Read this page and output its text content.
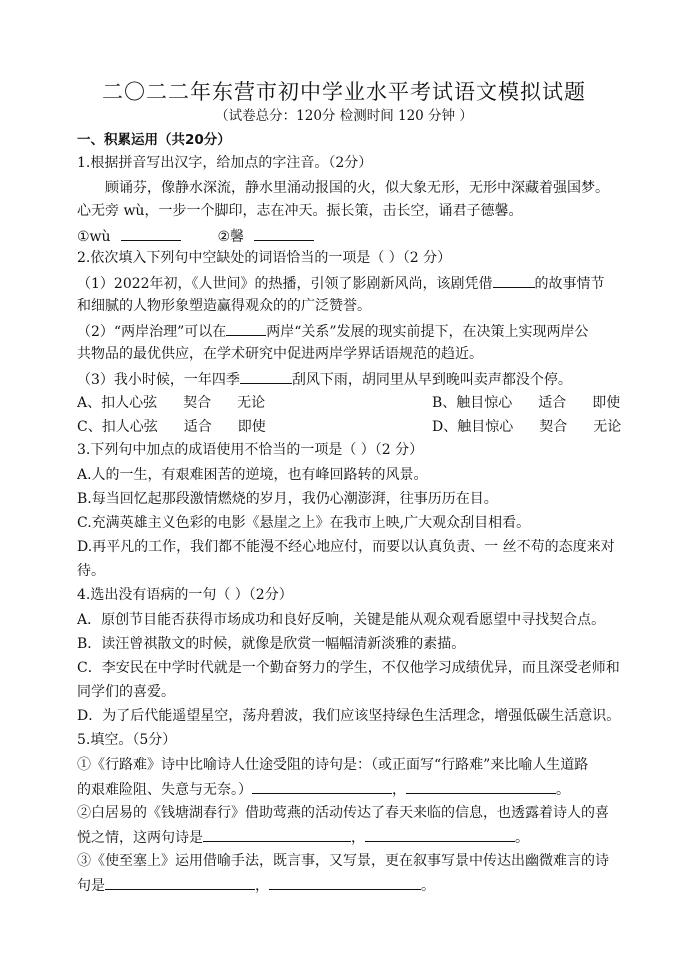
二〇二二年东营市初中学业水平考试语文模拟试题
（试卷总分：120分 检测时间 120 分钟 ）
一、积累运用（共20分）
1.根据拼音写出汉字，给加点的字注音。（2分）
顾诵芬，像静水深流，静水里涌动报国的火，似大象无形，无形中深藏着强国梦。
心无旁 wù，一步一个脚印，志在冲天。振长策，击长空，诵君子德馨。
①wù	②馨
2.依次填入下列句中空缺处的词语恰当的一项是（ ）（2 分）
（1）2022年初，《人世间》的热播，引领了影剧新风尚，该剧凭借	的故事情节
和细腻的人物形象塑造赢得观众的的广泛赞誉。
（2）“两岸治理”可以在	两岸“关系”发展的现实前提下，在决策上实现两岸公
共物品的最优供应，在学术研究中促进两岸学界话语规范的趋近。
（3）我小时候，一年四季	刮风下雨，胡同里从早到晚叫卖声都没个停。
A、扣人心弦 契合 无论	B、触目惊心 适合 即使
C、扣人心弦 适合 即使	D、触目惊心 契合 无论
3.下列句中加点的成语使用不恰当的一项是（ ）（2 分）
A.人的一生，有艰难困苦的逆境，也有峰回路转的风景。
B.每当回忆起那段激情燃烧的岁月，我仍心潮澎湃，往事历历在目。
C.充满英雄主义色彩的电影《悬崖之上》在我市上映,广大观众刮目相看。
D.再平凡的工作，我们都不能漫不经心地应付，而要以认真负责、一 丝不苟的态度来对
待。
4.选出没有语病的一句（ ）（2分）
A．原创节目能否获得市场成功和良好反响，关键是能从观众观看愿望中寻找契合点。
B．读汪曾祺散文的时候，就像是欣赏一幅幅清新淡雅的素描。
C．李安民在中学时代就是一个勤奋努力的学生，不仅他学习成绩优异，而且深受老师和
同学们的喜爱。
D．为了后代能遥望星空，荡舟碧波，我们应该坚持绿色生活理念，增强低碳生活意识。
5.填空。（5分）
①《行路难》诗中比喻诗人仕途受阻的诗句是：（或正面写“行路难”来比喻人生道路
的艰难险阻、失意与无奈。）	，	。
②白居易的《钱塘湖春行》借助莺燕的活动传达了春天来临的信息，也透露着诗人的喜
悦之情，这两句诗是	，	。
③《使至塞上》运用借喻手法，既言事，又写景，更在叙事写景中传达出幽微难言的诗
句是	，	。
